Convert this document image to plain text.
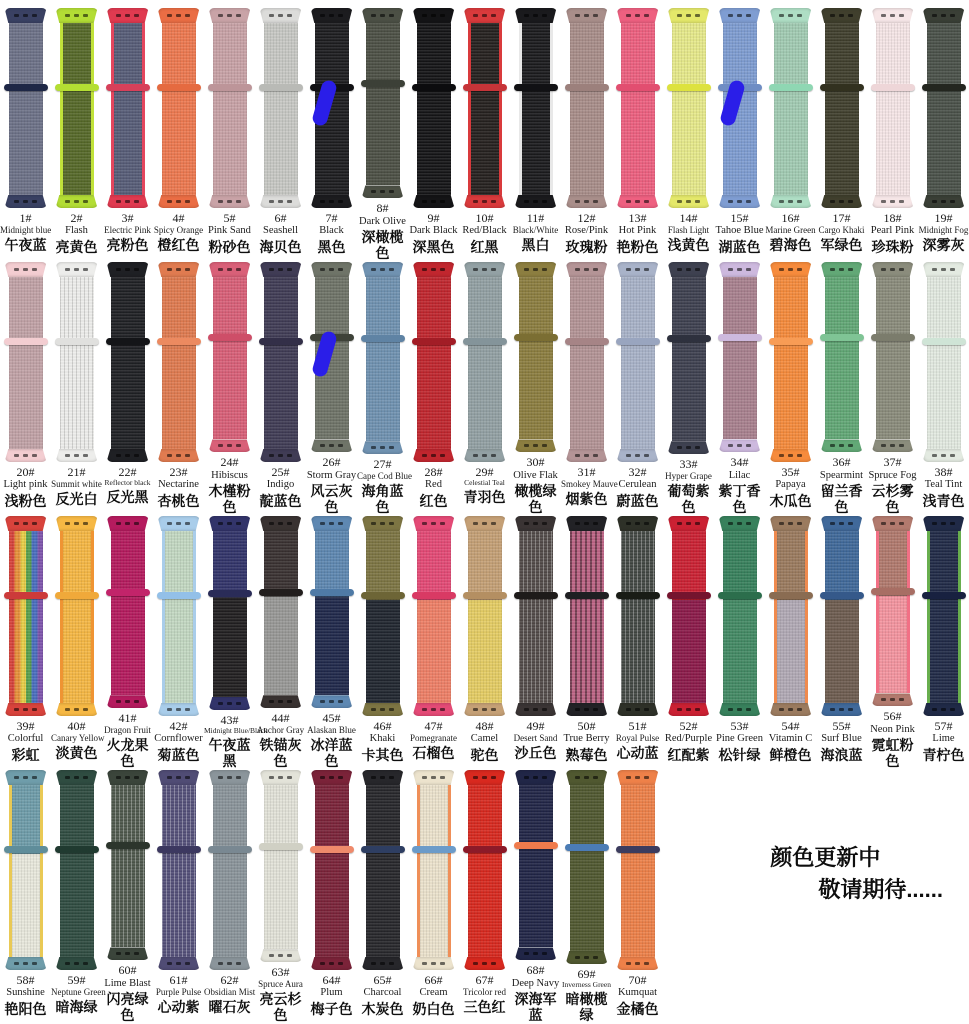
1#
Midnight blue
午夜蓝
2#
Flash
亮黄色
3#
Electric Pink
亮粉色
4#
Spicy Orange
橙红色
5#
Pink Sand
粉砂色
6#
Seashell
海贝色
7#
Black
黑色
8#
Dark Olive
深橄榄色
9#
Dark Black
深黑色
10#
Red/Black
红黑
11#
Black/White
黑白
12#
Rose/Pink
玫瑰粉
13#
Hot Pink
艳粉色
14#
Flash Light
浅黄色
15#
Tahoe Blue
湖蓝色
16#
Marine Green
碧海色
17#
Cargo Khaki
军绿色
18#
Pearl Pink
珍珠粉
19#
Midnight Fog
深雾灰
20#
Light pink
浅粉色
21#
Summit white
反光白
22#
Reflector black
反光黑
23#
Nectarine
杏桃色
24#
Hibiscus
木槿粉色
25#
Indigo
靛蓝色
26#
Storm Gray
风云灰色
27#
Cape Cod Blue
海角蓝色
28#
Red
红色
29#
Celestial Teal
青羽色
30#
Olive Flak
橄榄绿色
31#
Smokey Mauve
烟紫色
32#
Cerulean
蔚蓝色
33#
Hyper Grape
葡萄紫色
34#
Lilac
紫丁香色
35#
Papaya
木瓜色
36#
Spearmint
留兰香色
37#
Spruce Fog
云杉雾色
38#
Teal Tint
浅青色
39#
Colorful
彩虹
40#
Canary Yellow
淡黄色
41#
Dragon Fruit
火龙果色
42#
Cornflower
菊蓝色
43#
Midnight Blue/Black
午夜蓝黑
44#
Anchor Gray
铁锚灰色
45#
Alaskan Blue
冰洋蓝色
46#
Khaki
卡其色
47#
Pomegranate
石榴色
48#
Camel
驼色
49#
Desert Sand
沙丘色
50#
True Berry
熟莓色
51#
Royal Pulse
心动蓝
52#
Red/Purple
红配紫
53#
Pine Green
松针绿
54#
Vitamin C
鲜橙色
55#
Surf Blue
海浪蓝
56#
Neon Pink
霓虹粉色
57#
Lime
青柠色
58#
Sunshine
艳阳色
59#
Neptune Green
暗海绿
60#
Lime Blast
闪亮绿色
61#
Purple Pulse
心动紫
62#
Obsidian Mist
曜石灰
63#
Spruce Aura
亮云杉色
64#
Plum
梅子色
65#
Charcoal
木炭色
66#
Cream
奶白色
67#
Tricolor red
三色红
68#
Deep Navy
深海军蓝
69#
Inverness Green
暗橄榄绿
70#
Kumquat
金橘色
颜色更新中
敬请期待......
